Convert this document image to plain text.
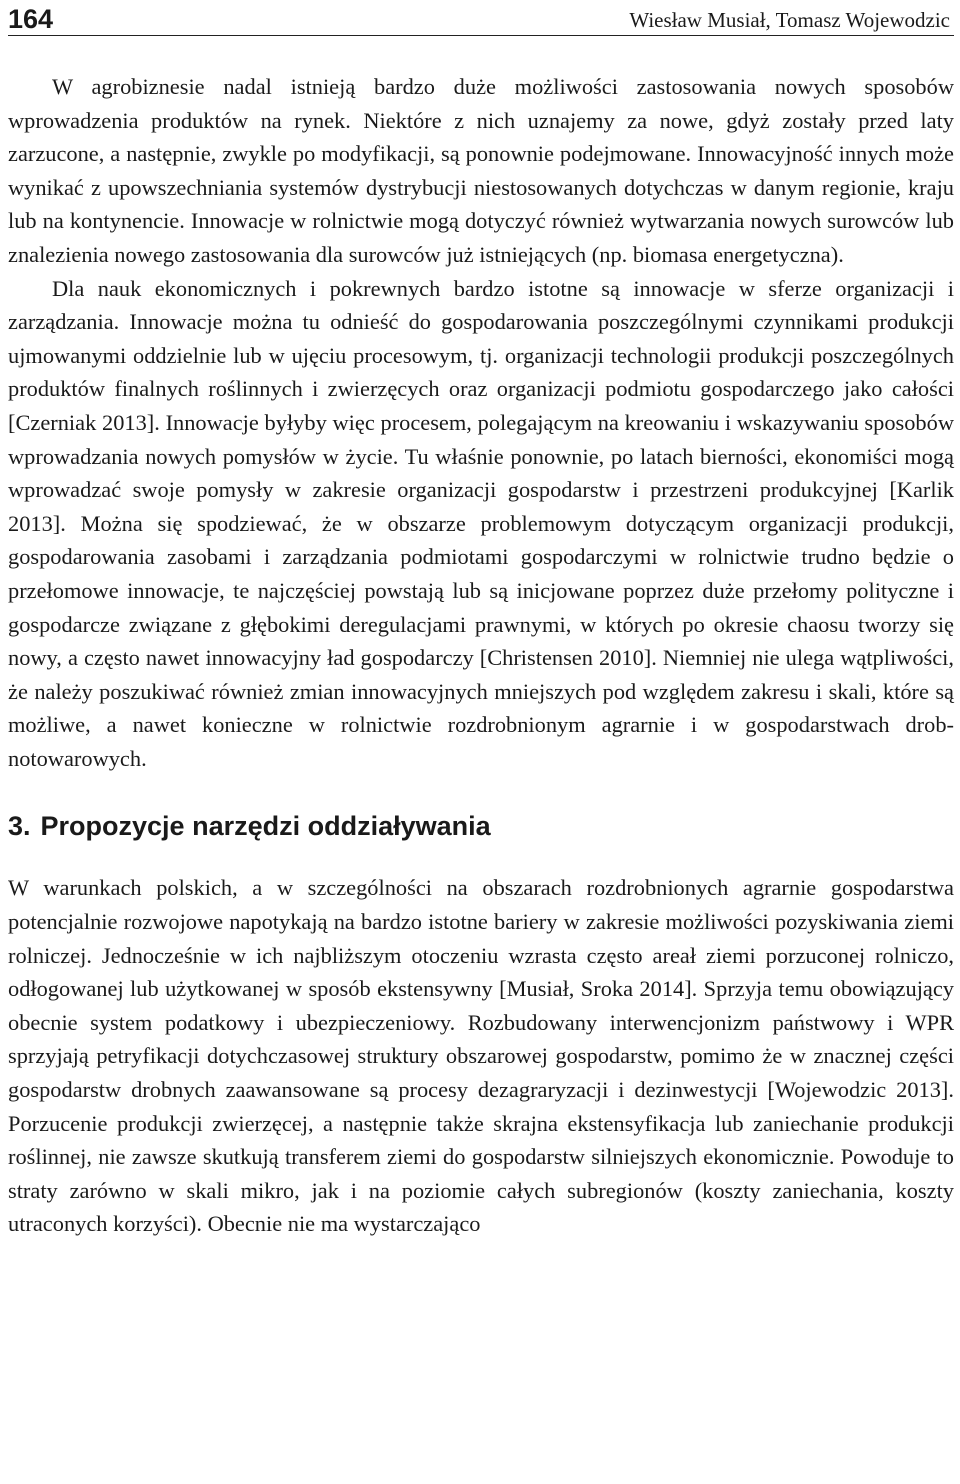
164	Wiesław Musiał, Tomasz Wojewodzic

W agrobiznesie nadal istnieją bardzo duże możliwości zastosowania nowych sposobów wprowadzenia produktów na rynek. Niektóre z nich uznajemy za nowe, gdyż zostały przed laty zarzucone, a następnie, zwykle po modyfikacji, są ponownie podejmowane. Innowacyjność innych może wynikać z upowszechniania systemów dystrybucji niestosowanych dotychczas w danym regionie, kraju lub na kontynencie. Innowacje w rolnictwie mogą dotyczyć również wytwarzania nowych surowców lub znalezienia nowego zastosowania dla surowców już istniejących (np. biomasa energetyczna).

Dla nauk ekonomicznych i pokrewnych bardzo istotne są innowacje w sferze organizacji i zarządzania. Innowacje można tu odnieść do gospodarowania poszczególnymi czynnikami produkcji ujmowanymi oddzielnie lub w ujęciu procesowym, tj. organizacji technologii produkcji poszczególnych produktów finalnych roślinnych i zwierzęcych oraz organizacji podmiotu gospodarczego jako całości [Czerniak 2013]. Innowacje byłyby więc procesem, polegającym na kreowaniu i wskazywaniu sposobów wprowadzania nowych pomysłów w życie. Tu właśnie ponownie, po latach bierności, ekonomiści mogą wprowadzać swoje pomysły w zakresie organizacji gospodarstw i przestrzeni produkcyjnej [Karlik 2013]. Można się spodziewać, że w obszarze problemowym dotyczącym organizacji produkcji, gospodarowania zasobami i zarządzania podmiotami gospodarczymi w rolnictwie trudno będzie o przełomowe innowacje, te najczęściej powstają lub są inicjowane poprzez duże przełomy polityczne i gospodarcze związane z głębokimi deregulacjami prawnymi, w których po okresie chaosu tworzy się nowy, a często nawet innowacyjny ład gospodarczy [Christensen 2010]. Niemniej nie ulega wątpliwości, że należy poszukiwać również zmian innowacyjnych mniejszych pod względem zakresu i skali, które są możliwe, a nawet konieczne w rolnictwie rozdrobnionym agrarnie i w gospodarstwach drobnotowarowych.

3. Propozycje narzędzi oddziaływania

W warunkach polskich, a w szczególności na obszarach rozdrobnionych agrarnie gospodarstwa potencjalnie rozwojowe napotykają na bardzo istotne bariery w zakresie możliwości pozyskiwania ziemi rolniczej. Jednocześnie w ich najbliższym otoczeniu wzrasta często areał ziemi porzuconej rolniczo, odłogowanej lub użytkowanej w sposób ekstensywny [Musiał, Sroka 2014]. Sprzyja temu obowiązujący obecnie system podatkowy i ubezpieczeniowy. Rozbudowany interwencjonizm państwowy i WPR sprzyjają petryfikacji dotychczasowej struktury obszarowej gospodarstw, pomimo że w znacznej części gospodarstw drobnych zaawansowane są procesy dezagraryzacji i dezinwestycji [Wojewodzic 2013]. Porzucenie produkcji zwierzęcej, a następnie także skrajna ekstensyfikacja lub zaniechanie produkcji roślinnej, nie zawsze skutkują transferem ziemi do gospodarstw silniejszych ekonomicznie. Powoduje to straty zarówno w skali mikro, jak i na poziomie całych subregionów (koszty zaniechania, koszty utraconych korzyści). Obecnie nie ma wystarczająco
